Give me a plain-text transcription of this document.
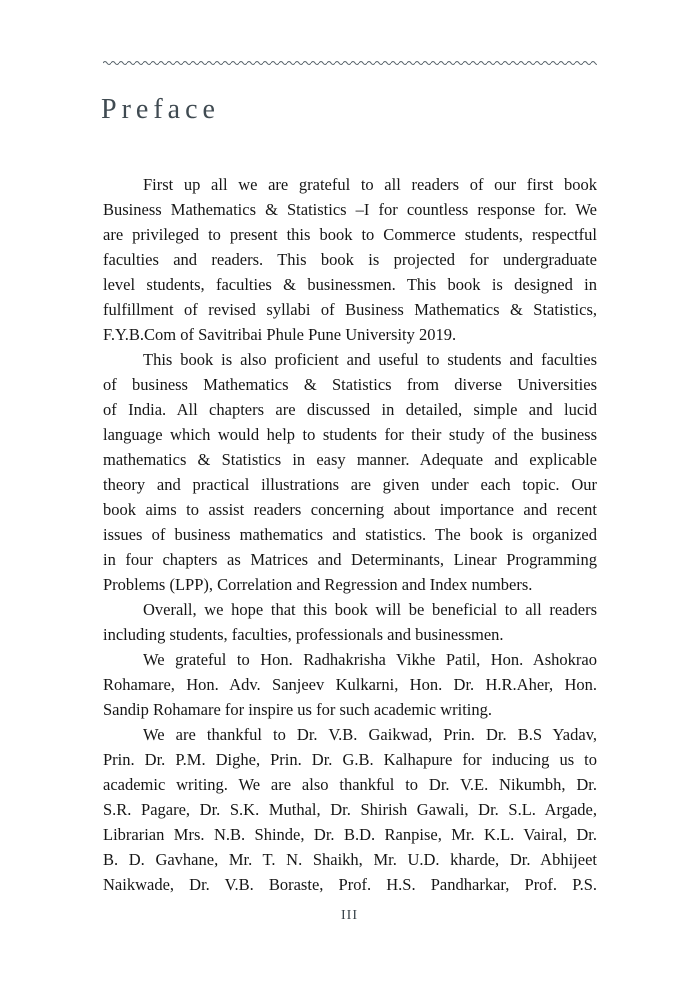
Preface
First up all we are grateful to all readers of our first book
Business Mathematics & Statistics –I for countless response for. We
are privileged to present this book to Commerce students, respectful
faculties and readers. This book is projected for undergraduate
level students, faculties & businessmen. This book is designed in
fulfillment of revised syllabi of Business Mathematics & Statistics,
F.Y.B.Com of Savitribai Phule Pune University 2019.
This book is also proficient and useful to students and faculties
of business Mathematics & Statistics from diverse Universities
of India. All chapters are discussed in detailed, simple and lucid
language which would help to students for their study of the business
mathematics & Statistics in easy manner. Adequate and explicable
theory and practical illustrations are given under each topic. Our
book aims to assist readers concerning about importance and recent
issues of business mathematics and statistics. The book is organized
in four chapters as Matrices and Determinants, Linear Programming
Problems (LPP), Correlation and Regression and Index numbers.
Overall, we hope that this book will be beneficial to all readers
including students, faculties, professionals and businessmen.
We grateful to Hon. Radhakrisha Vikhe Patil, Hon. Ashokrao
Rohamare, Hon. Adv. Sanjeev Kulkarni, Hon. Dr. H.R.Aher, Hon.
Sandip Rohamare for inspire us for such academic writing.
We are thankful to Dr. V.B. Gaikwad, Prin. Dr. B.S Yadav,
Prin. Dr. P.M. Dighe, Prin. Dr. G.B. Kalhapure for inducing us to
academic writing. We are also thankful to Dr. V.E. Nikumbh, Dr.
S.R. Pagare, Dr. S.K. Muthal, Dr. Shirish Gawali, Dr. S.L. Argade,
Librarian Mrs. N.B. Shinde, Dr. B.D. Ranpise, Mr. K.L. Vairal, Dr.
B. D. Gavhane, Mr. T. N. Shaikh, Mr. U.D. kharde, Dr. Abhijeet
Naikwade, Dr. V.B. Boraste, Prof. H.S. Pandharkar, Prof. P.S.
III
